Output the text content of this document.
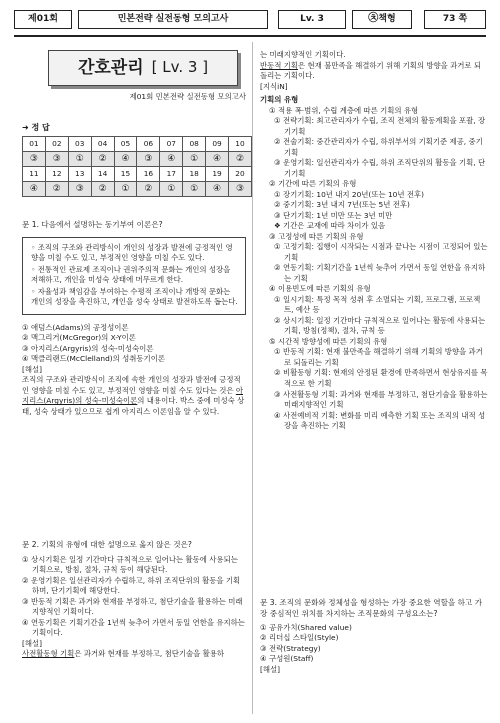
제01회	민본전략 실전동형 모의고사	Lv. 3	㉩ 책형	73 쪽
간호관리 [ Lv. 3 ]
제01회 민본전략 실전동형 모의고사
➜ 정 답
01	02	03	04	05	06	07	08	09	10
③	③	①	②	④	③	④	①	④	②
11	12	13	14	15	16	17	18	19	20
④	②	③	②	①	②	①	①	④	③
문 1. 다음에서 설명하는 동기부여 이론은?

◦ 조직의 구조와 관리방식이 개인의 성장과 발전에 긍정적인 영향을 미칠 수도 있고, 부정적인 영향을 미칠 수도 있다.

◦ 전통적인 관료제 조직이나 권위주의적 문화는 개인의 성장을 저해하고, 개인을 미성숙 상태에 머무르게 한다.

◦ 자율성과 책임감을 부여하는 수평적 조직이나 개방적 문화는 개인의 성장을 촉진하고, 개인을 성숙 상태로 발전하도록 돕는다.

① 애덤스(Adams)의 공정성이론
② 맥그리거(McGregor)의 X-Y이론
③ 아지리스(Argyris)의 성숙-미성숙이론
④ 맥클리랜드(McClelland)의 성취동기이론
[해설]
조직의 구조와 관리방식이 조직에 속한 개인의 성장과 발전에 긍정적인 영향을 미칠 수도 있고, 부정적인 영향을 미칠 수도 있다는 것은 아지리스(Argyris)의 성숙-미성숙이론의 내용이다. 박스 중에 미성숙 상태, 성숙 상태가 있으므로 쉽게 아지리스 이론임을 알 수 있다.
문 2. 기획의 유형에 대한 설명으로 옳지 않은 것은?
① 상시기획은 일정 기간마다 규칙적으로 일어나는 활동에 사용되는 기획으로, 방침, 절차, 규칙 등이 해당된다.
② 운영기획은 일선관리자가 수립하고, 하위 조직단위의 활동을 기획하며, 단기기획에 해당한다.
③ 반동적 기획은 과거와 현재를 부정하고, 첨단기술을 활용하는 미래지향적인 기획이다.
④ 연동기획은 기획기간을 1년씩 늦추어 가면서 동일 연한을 유지하는 기획이다.
[해설]
사전활동형 기획은 과거와 현재를 부정하고, 첨단기술을 활용하
는 미래지향적인 기획이다.
반동적 기획은 현재 불만족을 해결하기 위해 기획의 방향을 과거로 되돌리는 기획이다.
[지식iN]
기획의 유형
① 적용 폭·범위, 수립 계층에 따른 기획의 유형
① 전략기획: 최고관리자가 수립, 조직 전체의 활동계획을 포괄, 장기기획
② 전술기획: 중간관리자가 수립, 하위부서의 기획기준 제공, 중기기획
③ 운영기획: 일선관리자가 수립, 하위 조직단위의 활동을 기획, 단기기획
② 기간에 따른 기획의 유형
① 장기기획: 10년 내지 20년(또는 10년 전후)
② 중기기획: 3년 내지 7년(또는 5년 전후)
③ 단기기획: 1년 미만 또는 3년 미만
❖ 기간은 교재에 따라 차이가 있음
③ 고정성에 따른 기획의 유형
① 고정기획: 집행이 시작되는 시점과 끝나는 시점이 고정되어 있는 기획
② 연동기획: 기획기간을 1년씩 늦추어 가면서 동일 연한을 유지하는 기획
④ 이용빈도에 따른 기획의 유형
① 일시기획: 특정 목적 성취 후 소멸되는 기획, 프로그램, 프로젝트, 예산 등
② 상시기획: 일정 기간마다 규칙적으로 일어나는 활동에 사용되는 기획, 방침(정책), 절차, 규칙 등
⑤ 시간적 방향성에 따른 기획의 유형
① 반동적 기획: 현재 불만족을 해결하기 위해 기획의 방향을 과거로 되돌리는 기획
② 비활동형 기획: 현재의 안정된 환경에 만족하면서 현상유지를 목적으로 한 기획
③ 사전활동형 기획: 과거와 현재를 부정하고, 첨단기술을 활용하는 미래지향적인 기획
④ 사전예비적 기획: 변화를 미리 예측한 기획 또는 조직의 내적 성장을 촉진하는 기획
문 3. 조직의 문화와 정체성을 형성하는 가장 중요한 역할을 하고 가장 중심적인 위치를 차지하는 조직문화의 구성요소는?
① 공유가치(Shared value)
② 리더십 스타일(Style)
③ 전략(Strategy)
④ 구성원(Staff)
[해설]
